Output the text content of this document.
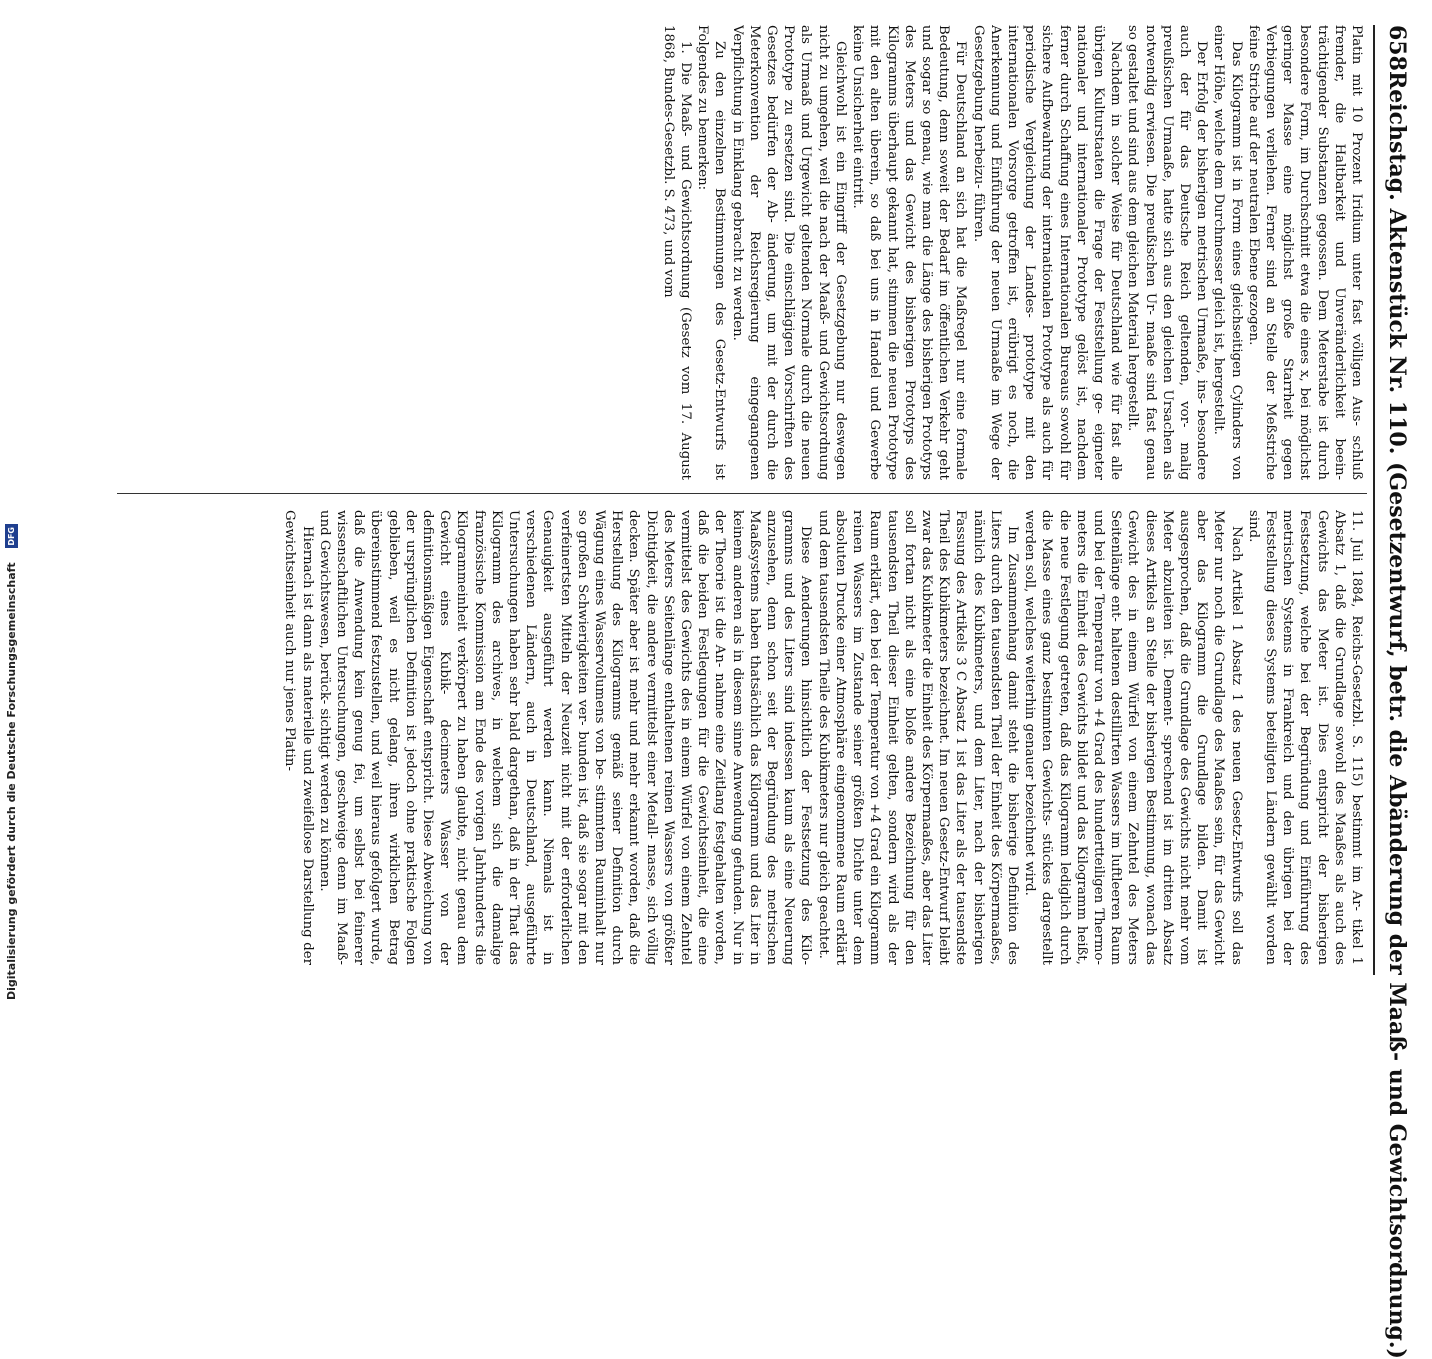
658
Reichstag. Aktenstück Nr. 110. (Gesetzentwurf, betr. die Abänderung der Maaß- und Gewichtsordnung.)

Platin mit 10 Prozent Iridium unter fast völligen Aus- schluß fremder, die Haltbarkeit und Unveränderlichkeit beein- trächtigender Substanzen gegossen. Dem Meterstabe ist durch besondere Form, im Durchschnitt etwa die eines x, bei möglichst geringer Masse eine möglichst große Starrheit gegen Verbiegungen verliehen. Ferner sind an Stelle der Meßstriche feine Striche auf der neutralen Ebene gezogen.

Das Kilogramm ist in Form eines gleichseitigen Cylinders von einer Höhe, welche dem Durchmesser gleich ist, hergestellt.

Der Erfolg der bisherigen metrischen Urmaaße, ins- besondere auch der für das Deutsche Reich geltenden, vor- malig preußischen Urmaaße, hatte sich aus den gleichen Ursachen als notwendig erwiesen. Die preußischen Ur- maaße sind fast genau so gestaltet und sind aus dem gleichen Material hergestellt.

Nachdem in solcher Weise für Deutschland wie für fast alle übrigen Kulturstaaten die Frage der Feststellung ge- eigneter nationaler und internationaler Prototype gelöst ist, nachdem ferner durch Schaffung eines Internationalen Bureaus sowohl für sichere Aufbewahrung der internationalen Prototype als auch für periodische Vergleichung der Landes- prototype mit den internationalen Vorsorge getroffen ist, erübrigt es noch, die Anerkennung und Einführung der neuen Urmaaße im Wege der Gesetzgebung herbeizu- führen.

Für Deutschland an sich hat die Maßregel nur eine formale Bedeutung, denn soweit der Bedarf im öffentlichen Verkehr geht und sogar so genau, wie man die Länge des bisherigen Prototyps des Meters und das Gewicht des bisherigen Prototyps des Kilogramms überhaupt gekannt hat, stimmen die neuen Prototype mit den alten überein, so daß bei uns in Handel und Gewerbe keine Unsicherheit eintritt.

Gleichwohl ist ein Eingriff der Gesetzgebung nur deswegen nicht zu umgehen, weil die nach der Maaß- und Gewichtsordnung als Urmaaß und Urgewicht geltenden Normale durch die neuen Prototype zu ersetzen sind. Die einschlägigen Vorschriften des Gesetzes bedürfen der Ab- änderung, um mit der durch die Meterkonvention der Reichsregierung eingegangenen Verpflichtung in Einklang gebracht zu werden.

Zu den einzelnen Bestimmungen des Gesetz-Entwurfs ist Folgendes zu bemerken:

1. Die Maaß- und Gewichtsordnung (Gesetz vom 17. August 1868, Bundes-Gesetzbl. S. 473, und vom

11. Juli 1884, Reichs-Gesetzbl. S. 115) bestimmt im Ar- tikel 1 Absatz 1, daß die Grundlage sowohl des Maaßes als auch des Gewichts das Meter ist. Dies entspricht der bisherigen Festsetzung, welche bei der Begründung und Einführung des metrischen Systems in Frankreich und den übrigen bei der Feststellung dieses Systems beteiligten Ländern gewählt worden sind.

Nach Artikel 1 Absatz 1 des neuen Gesetz-Entwurfs soll das Meter nur noch die Grundlage des Maaßes sein, für das Gewicht aber das Kilogramm die Grundlage bilden. Damit ist ausgesprochen, daß die Grundlage des Gewichts nicht mehr vom Meter abzuleiten ist. Dement- sprechend ist im dritten Absatz dieses Artikels an Stelle der bisherigen Bestimmung, wonach das Gewicht des in einem Würfel von einem Zehntel des Meters Seitenlänge ent- haltenen destillirten Wassers im luftleeren Raum und bei der Temperatur von +4 Grad des hundertteiligen Thermo- meters die Einheit des Gewichts bildet und das Kilogramm heißt, die neue Festlegung getreten, daß das Kilogramm lediglich durch die Masse eines ganz bestimmten Gewichts- stückes dargestellt werden soll, welches weiterhin genauer bezeichnet wird.

Im Zusammenhang damit steht die bisherige Definition des Liters durch den tausendsten Theil der Einheit des Körpermaaßes, nämlich des Kubikmeters, und dem Liter, nach der bisherigen Fassung des Artikels 3 C Absatz 1 ist das Liter als der tausendste Theil des Kubikmeters bezeichnet. Im neuen Gesetz-Entwurf bleibt zwar das Kubikmeter die Einheit des Körpermaaßes, aber das Liter soll fortan nicht als eine bloße andere Bezeichnung für den tausendsten Theil dieser Einheit gelten, sondern wird als der Raum erklärt, den bei der Temperatur von +4 Grad ein Kilogramm reinen Wassers im Zustande seiner größten Dichte unter dem absoluten Drucke einer Atmosphäre eingenommene Raum erklärt und dem tausendsten Theile des Kubikmeters nur gleich geachtet.

Diese Aenderungen hinsichtlich der Festsetzung des Kilo- gramms und des Liters sind indessen kaum als eine Neuerung anzusehen, denn schon seit der Begründung des metrischen Maaßsystems haben thatsächlich das Kilogramm und das Liter in keinem anderen als in diesem sinne Anwendung gefunden. Nur in der Theorie ist die An- nahme eine Zeitlang festgehalten worden, daß die beiden Festlegungen für die Gewichtseinheit, die eine vermittelst des Gewichts des in einem Würfel von einem Zehntel des Meters Seitenlänge enthaltenen reinen Wassers von größter Dichtigkeit, die andere vermittelst einer Metall- masse, sich völlig decken. Später aber ist mehr und mehr erkannt worden, daß die Herstellung des Kilogramms gemäß seiner Definition durch Wägung eines Wasservolumens von be- stimmtem Rauminhalt nur so großen Schwierigkeiten ver- bunden ist, daß sie sogar mit den verfeinertsten Mitteln der Neuzeit nicht mit der erforderlichen Genauigkeit ausgeführt werden kann. Niemals ist in verschiedenen Ländern, auch in Deutschland, ausgeführte Untersuchungen haben sehr bald dargethan, daß in der That das Kilogramm des archives, in welchem sich die damalige französische Kommission am Ende des vorigen Jahrhunderts die Kilogrammeinheit verkörpert zu haben glaubte, nicht genau dem Gewicht eines Kubik- decimeters Wasser von der definitionsmäßigen Eigenschaft entspricht. Diese Abweichung von der ursprünglichen Definition ist jedoch ohne praktische Folgen geblieben, weil es nicht gelang, ihren wirklichen Betrag übereinstimmend festzustellen, und weil hieraus gefolgert wurde, daß die Anwendung kein genug fei, um selbst bei feinerer wissenschaftlichen Untersuchungen, geschweige denn im Maaß- und Gewichtswesen, berück- sichtigt werden zu können.

Hiernach ist dann als materielle und zweifellose Darstellung der Gewichtseinheit auch nur jenes Platin-

Digitalisierung gefördert durch die Deutsche Forschungsgemeinschaft
DFG
